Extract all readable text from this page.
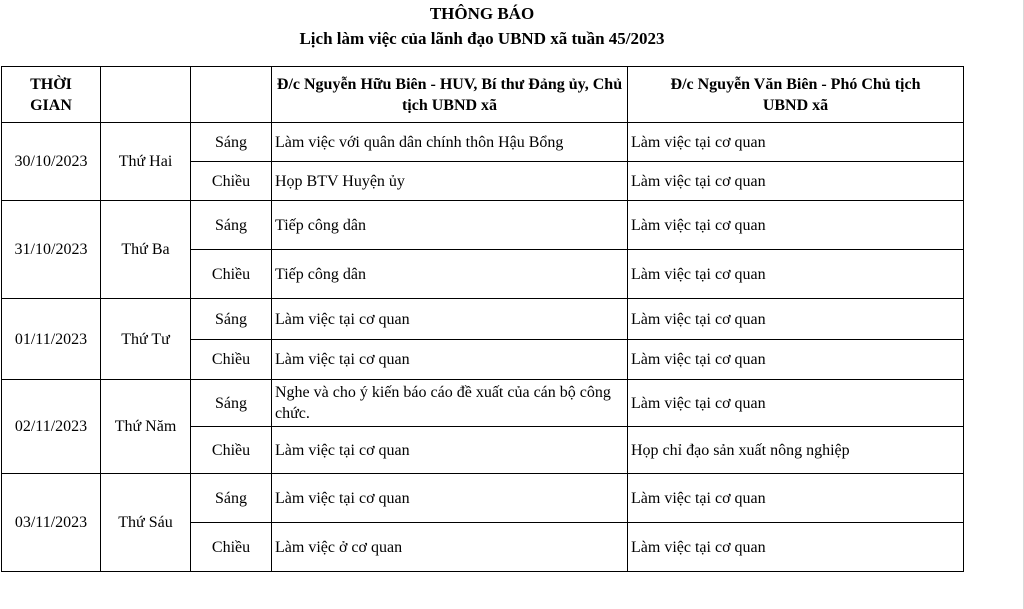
THÔNG BÁO
Lịch làm việc của lãnh đạo UBND xã tuần 45/2023
THỜI GIAN			Đ/c Nguyễn Hữu Biên - HUV, Bí thư Đảng ủy, Chủ tịch UBND xã	Đ/c Nguyễn Văn Biên - Phó Chủ tịch UBND xã
30/10/2023	Thứ Hai	Sáng	Làm việc với quân dân chính thôn Hậu Bổng	Làm việc tại cơ quan
		Chiều	Họp BTV Huyện ủy	Làm việc tại cơ quan
31/10/2023	Thứ Ba	Sáng	Tiếp công dân	Làm việc tại cơ quan
		Chiều	Tiếp công dân	Làm việc tại cơ quan
01/11/2023	Thứ Tư	Sáng	Làm việc tại cơ quan	Làm việc tại cơ quan
		Chiều	Làm việc tại cơ quan	Làm việc tại cơ quan
02/11/2023	Thứ Năm	Sáng	Nghe và cho ý kiến báo cáo đề xuất của cán bộ công chức.	Làm việc tại cơ quan
		Chiều	Làm việc tại cơ quan	Họp chỉ đạo sản xuất nông nghiệp
03/11/2023	Thứ Sáu	Sáng	Làm việc tại cơ quan	Làm việc tại cơ quan
		Chiều	Làm việc ở cơ quan	Làm việc tại cơ quan
